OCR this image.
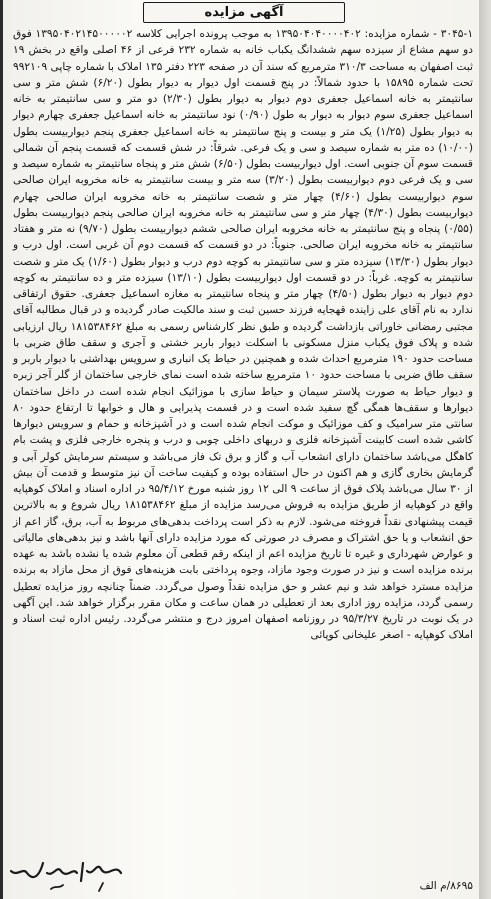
آگهی مزایده

۳۰۴۵-۱ - شماره مزایده: ۱۳۹۵۰۴۰۴۰۰۰۰۴۰۲ به موجب پرونده اجرایی کلاسه ۱۳۹۵۰۴۰۲۱۴۵۰۰۰۰۰۲ فوق دو سهم مشاع از سیزده سهم ششدانگ یکباب خانه به شماره ۲۳۲ فرعی از ۴۶ اصلی واقع در بخش ۱۹ ثبت اصفهان به مساحت ۳۱۰/۳ مترمربع که سند آن در صفحه ۲۲۳ دفتر ۱۳۵ املاک با شماره چاپی ۹۹۲۱۰۹ تحت شماره ۱۵۸۹۵ با حدود شمالاً: در پنج قسمت اول دیوار به دیوار بطول (۶/۲۰) شش متر و سی سانتیمتر به خانه اسماعیل جعفری دوم دیوار به دیوار بطول (۲/۳۰) دو متر و سی سانتیمتر به خانه اسماعیل جعفری سوم دیوار به دیوار به طول (۰/۹۰) نود سانتیمتر به خانه اسماعیل جعفری چهارم دیوار به دیوار بطول (۱/۲۵) یک متر و بیست و پنج سانتیمتر به خانه اسماعیل جعفری پنجم دیواربیست بطول (۱۰/۰۰) ده متر به شماره سیصد و سی و یک فرعی. شرقاً: در شش قسمت که قسمت پنجم آن شمالی قسمت سوم آن جنوبی است. اول دیواربیست بطول (۶/۵۰) شش متر و پنجاه سانتیمتر به شماره سیصد و سی و یک فرعی دوم دیواربیست بطول (۳/۲۰) سه متر و بیست سانتیمتر به خانه مخروبه ایران صالحی سوم دیواربیست بطول (۴/۶۰) چهار متر و شصت سانتیمتر به خانه مخروبه ایران صالحی چهارم دیواربیست بطول (۴/۳۰) چهار متر و سی سانتیمتر به خانه مخروبه ایران صالحی پنجم دیواربیست بطول (۰/۵۵) پنجاه و پنج سانتیمتر به خانه مخروبه ایران صالحی ششم دیواربیست بطول (۹/۷۰) نه متر و هفتاد سانتیمتر به خانه مخروبه ایران صالحی. جنوباً: در دو قسمت که قسمت دوم آن غربی است. اول درب و دیوار بطول (۱۳/۳۰) سیزده متر و سی سانتیمتر به کوچه دوم درب و دیوار بطول (۱/۶۰) یک متر و شصت سانتیمتر به کوچه. غرباً: در دو قسمت اول دیواربیست بطول (۱۳/۱۰) سیزده متر و ده سانتیمتر به کوچه دوم دیوار به دیوار بطول (۴/۵۰) چهار متر و پنجاه سانتیمتر به مغازه اسماعیل جعفری. حقوق ارتفاقی ندارد به نام آقای علی زاینده قهجایه فرزند حسین ثبت و سند مالکیت صادر گردیده و در قبال مطالبه آقای مجتبی رمضانی خاوراتی بازداشت گردیده و طبق نظر کارشناس رسمی به مبلغ ۱۸۱۵۳۸۴۶۲ ریال ارزیابی شده و پلاک فوق یکباب منزل مسکونی با اسکلت دیوار باربر خشتی و آجری و سقف طاق ضربی با مساحت حدود ۱۹۰ مترمربع احداث شده و همچنین در حیاط یک انباری و سرویس بهداشتی با دیوار باربر و سقف طاق ضربی با مساحت حدود ۱۰ مترمربع ساخته شده است نمای خارجی ساختمان از گلر آجر زبره و دیوار حیاط به صورت پلاستر سیمان و حیاط سازی با موزائیک انجام شده است در داخل ساختمان دیوارها و سقف‌ها همگی گچ سفید شده است و در قسمت پذیرایی و هال و خوابها تا ارتفاع حدود ۸۰ سانتی متر سرامیک و کف موزائیک و موکت انجام شده است و در آشپزخانه و حمام و سرویس دیوارها کاشی شده است کابینت آشپزخانه فلزی و دربهای داخلی چوبی و درب و پنجره خارجی فلزی و پشت بام کاهگل می‌باشد ساختمان دارای انشعاب آب و گاز و برق تک فاز می‌باشد و سیستم سرمایش کولر آبی و گرمایش بخاری گازی و هم اکنون در حال استفاده بوده و کیفیت ساخت آن نیز متوسط و قدمت آن بیش از ۳۰ سال می‌باشد پلاک فوق از ساعت ۹ الی ۱۲ روز شنبه مورخ ۹۵/۴/۱۲ در اداره اسناد و املاک کوهپایه واقع در کوهپایه از طریق مزایده به فروش می‌رسد مزایده از مبلغ ۱۸۱۵۳۸۴۶۲ ریال شروع و به بالاترین قیمت پیشنهادی نقداً فروخته می‌شود. لازم به ذکر است پرداخت بدهی‌های مربوط به آب، برق، گاز اعم از حق انشعاب و یا حق اشتراک و مصرف در صورتی که مورد مزایده دارای آنها باشد و نیز بدهی‌های مالیاتی و عوارض شهرداری و غیره تا تاریخ مزایده اعم از اینکه رقم قطعی آن معلوم شده یا نشده باشد به عهده برنده مزایده است و نیز در صورت وجود مازاد، وجوه پرداختی بابت هزینه‌های فوق از محل مازاد به برنده مزایده مسترد خواهد شد و نیم عشر و حق مزایده نقداً وصول می‌گردد. ضمناً چنانچه روز مزایده تعطیل رسمی گردد، مزایده روز اداری بعد از تعطیلی در همان ساعت و مکان مقرر برگزار خواهد شد. این آگهی در یک نوبت در تاریخ ۹۵/۳/۲۷ در روزنامه اصفهان امروز درج و منتشر می‌گردد. رئیس اداره ثبت اسناد و املاک کوهپایه - اصغر علیخانی کوپائی

۸۶۹۵/م الف
